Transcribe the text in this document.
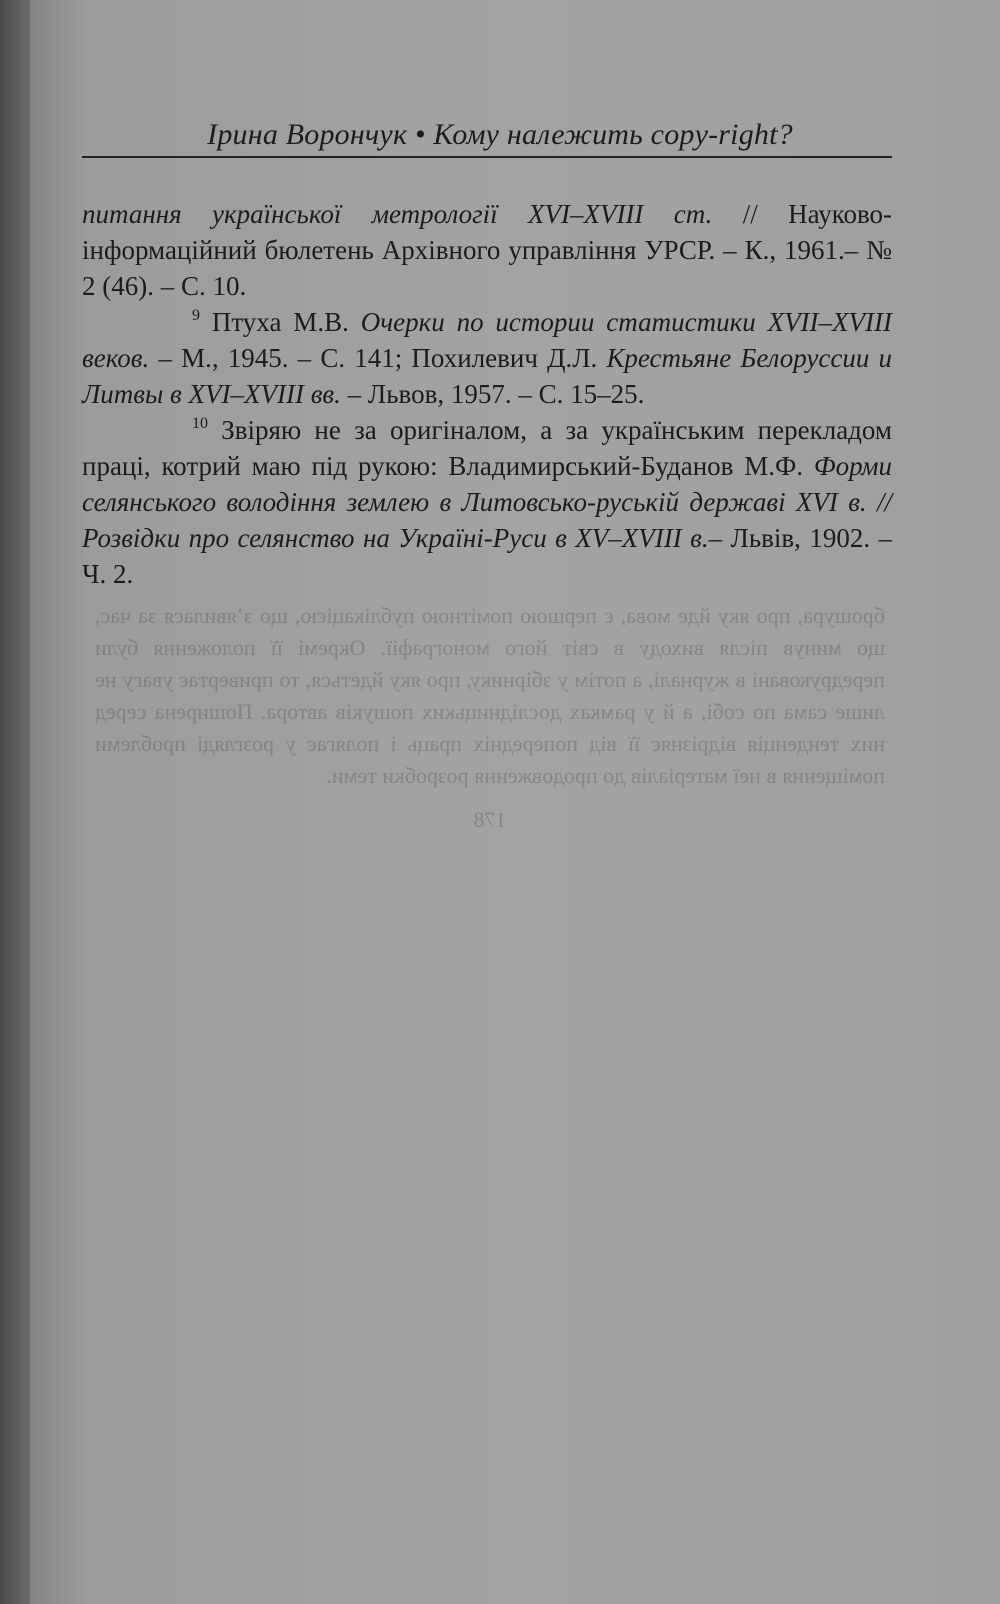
брошура, про яку йде мова, є першою помітною публікацією, що з’явилася за час, що минув після виходу в світ його монографії. Окремі її положення були передруковані в журналі, а потім у збірнику, про яку йдеться, то привертає увагу не лише сама по собі, а й у рамках дослідницьких пошуків автора. Поширена серед них тенденція відрізняє її від попередніх праць і полягає у розгляді проблеми поміщення в неї матеріалів до продовження розробки теми.
178
Ірина Ворончук • Кому належить copy-right?

питання української метрології XVI–XVIII ст. // Науково-інформаційний бюлетень Архівного управління УРСР. – К., 1961.– № 2 (46). – С. 10.

$^9$ Птуха М.В. Очерки по истории статистики XVII–XVIII веков. – М., 1945. – С. 141; Похилевич Д.Л. Крестьяне Белоруссии и Литвы в XVI–XVIII вв. – Львов, 1957. – С. 15–25.

$^{10}$ Звіряю не за оригіналом, а за українським перекладом праці, котрий маю під рукою: Владимирський-Буданов М.Ф. Форми селянського володіння землею в Литовсько-руській державі XVI в. // Розвідки про селянство на Україні-Руси в XV–XVIII в.– Львів, 1902. – Ч. 2.
